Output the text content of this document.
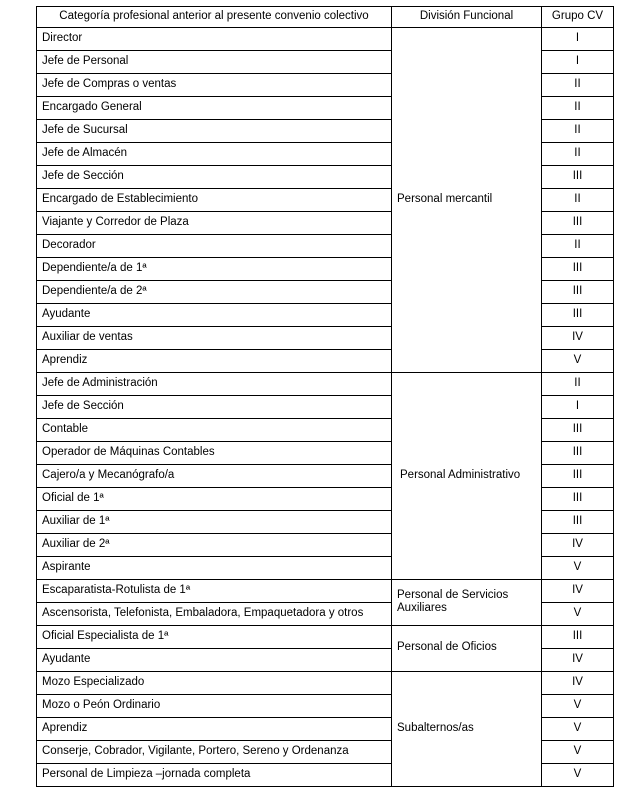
Categoría profesional anterior al presente convenio colectivo	División Funcional	Grupo CV
Director	Personal mercantil	I
Jefe de Personal		I
Jefe de Compras o ventas		II
Encargado General		II
Jefe de Sucursal		II
Jefe de Almacén		II
Jefe de Sección		III
Encargado de Establecimiento		II
Viajante y Corredor de Plaza		III
Decorador		II
Dependiente/a de 1ª		III
Dependiente/a de 2ª		III
Ayudante		III
Auxiliar de ventas		IV
Aprendiz		V
Jefe de Administración	Personal Administrativo	II
Jefe de Sección		I
Contable		III
Operador de Máquinas Contables		III
Cajero/a y Mecanógrafo/a		III
Oficial de 1ª		III
Auxiliar de 1ª		III
Auxiliar de 2ª		IV
Aspirante		V
Escaparatista-Rotulista de 1ª	Personal de Servicios Auxiliares	IV
Ascensorista, Telefonista, Embaladora, Empaquetadora y otros		V
Oficial Especialista de 1ª	Personal de Oficios	III
Ayudante		IV
Mozo Especializado	Subalternos/as	IV
Mozo o Peón Ordinario		V
Aprendiz		V
Conserje, Cobrador, Vigilante, Portero, Sereno y Ordenanza		V
Personal de Limpieza –jornada completa		V
